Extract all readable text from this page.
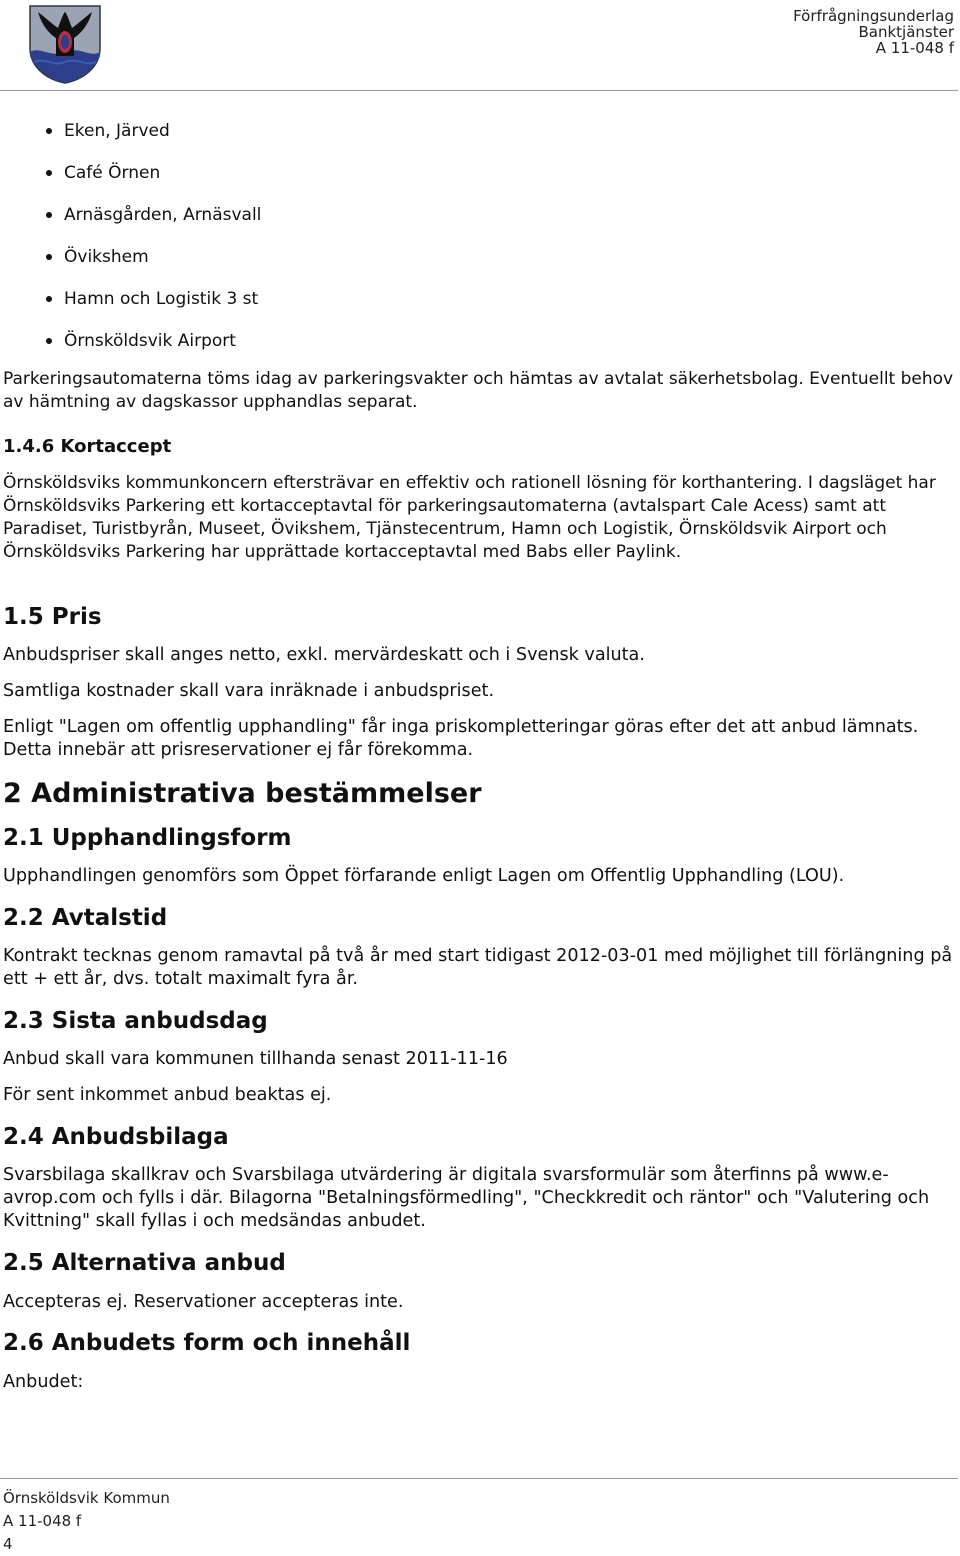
Förfrågningsunderlag
Banktjänster
A 11-048 f
Eken, Järved
Café Örnen
Arnäsgården, Arnäsvall
Övikshem
Hamn och Logistik 3 st
Örnsköldsvik Airport

Parkeringsautomaterna töms idag av parkeringsvakter och hämtas av avtalat säkerhetsbolag. Eventuellt behov av hämtning av dagskassor upphandlas separat.

1.4.6 Kortaccept

Örnsköldsviks kommunkoncern eftersträvar en effektiv och rationell lösning för korthantering. I dagsläget har Örnsköldsviks Parkering ett kortacceptavtal för parkeringsautomaterna (avtalspart Cale Acess) samt att Paradiset, Turistbyrån, Museet, Övikshem, Tjänstecentrum, Hamn och Logistik, Örnsköldsvik Airport och Örnsköldsviks Parkering har upprättade kortacceptavtal med Babs eller Paylink.

1.5 Pris

Anbudspriser skall anges netto, exkl. mervärdeskatt och i Svensk valuta.

Samtliga kostnader skall vara inräknade i anbudspriset.

Enligt "Lagen om offentlig upphandling" får inga priskompletteringar göras efter det att anbud lämnats. Detta innebär att prisreservationer ej får förekomma.

2 Administrativa bestämmelser

2.1 Upphandlingsform

Upphandlingen genomförs som Öppet förfarande enligt Lagen om Offentlig Upphandling (LOU).

2.2 Avtalstid

Kontrakt tecknas genom ramavtal på två år med start tidigast 2012-03-01 med möjlighet till förlängning på ett + ett år, dvs. totalt maximalt fyra år.

2.3 Sista anbudsdag

Anbud skall vara kommunen tillhanda senast 2011-11-16

För sent inkommet anbud beaktas ej.

2.4 Anbudsbilaga

Svarsbilaga skallkrav och Svarsbilaga utvärdering är digitala svarsformulär som återfinns på www.e-avrop.com och fylls i där. Bilagorna "Betalningsförmedling", "Checkkredit och räntor" och "Valutering och Kvittning" skall fyllas i och medsändas anbudet.

2.5 Alternativa anbud

Accepteras ej. Reservationer accepteras inte.

2.6 Anbudets form och innehåll

Anbudet:

Örnsköldsvik Kommun
A 11-048 f
4
